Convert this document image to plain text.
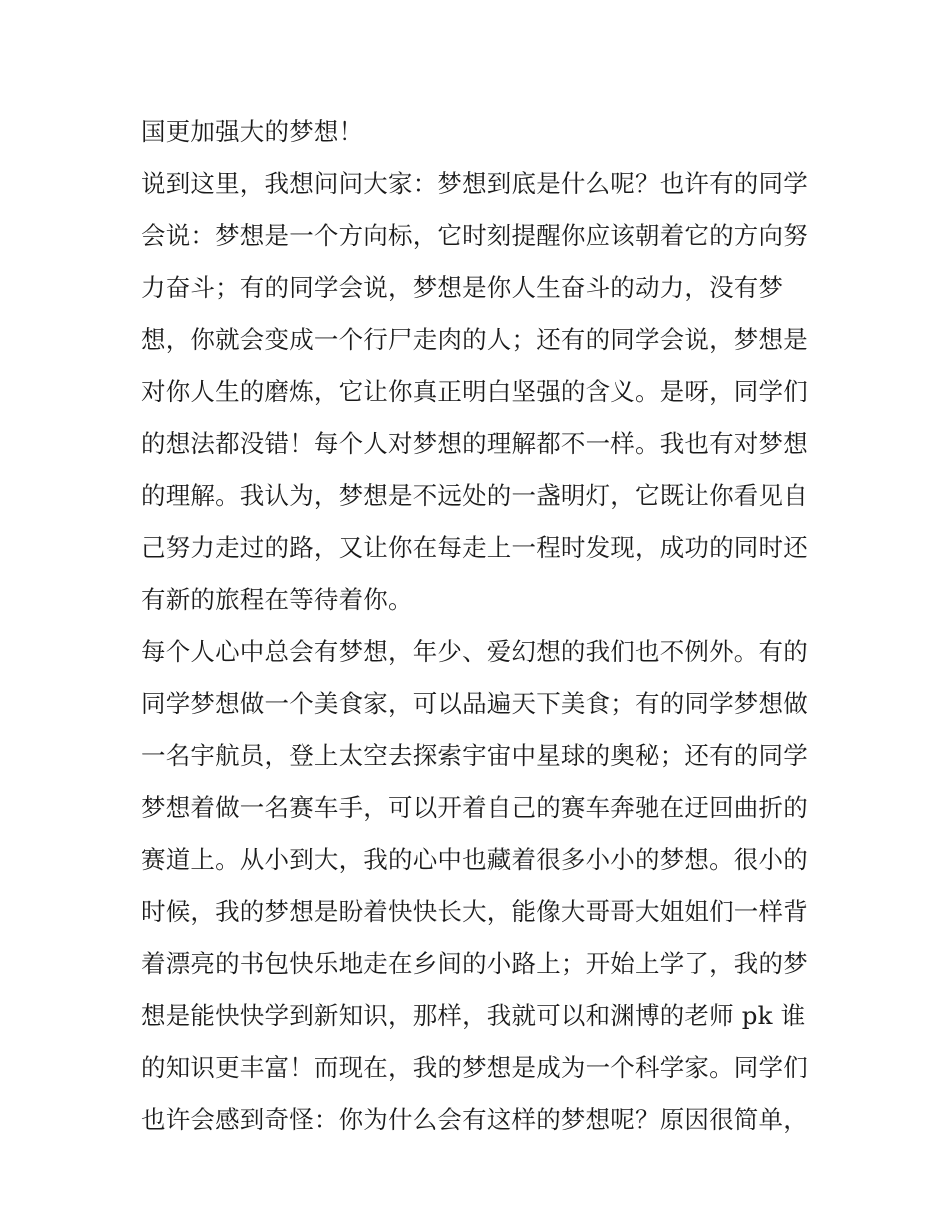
国更加强大的梦想！
说到这里，我想问问大家：梦想到底是什么呢？也许有的同学
会说：梦想是一个方向标，它时刻提醒你应该朝着它的方向努
力奋斗；有的同学会说，梦想是你人生奋斗的动力，没有梦
想，你就会变成一个行尸走肉的人；还有的同学会说，梦想是
对你人生的磨炼，它让你真正明白坚强的含义。是呀，同学们
的想法都没错！每个人对梦想的理解都不一样。我也有对梦想
的理解。我认为，梦想是不远处的一盏明灯，它既让你看见自
己努力走过的路，又让你在每走上一程时发现，成功的同时还
有新的旅程在等待着你。
每个人心中总会有梦想，年少、爱幻想的我们也不例外。有的
同学梦想做一个美食家，可以品遍天下美食；有的同学梦想做
一名宇航员，登上太空去探索宇宙中星球的奥秘；还有的同学
梦想着做一名赛车手，可以开着自己的赛车奔驰在迂回曲折的
赛道上。从小到大，我的心中也藏着很多小小的梦想。很小的
时候，我的梦想是盼着快快长大，能像大哥哥大姐姐们一样背
着漂亮的书包快乐地走在乡间的小路上；开始上学了，我的梦
想是能快快学到新知识，那样，我就可以和渊博的老师 pk 谁
的知识更丰富！而现在，我的梦想是成为一个科学家。同学们
也许会感到奇怪：你为什么会有这样的梦想呢？原因很简单，
